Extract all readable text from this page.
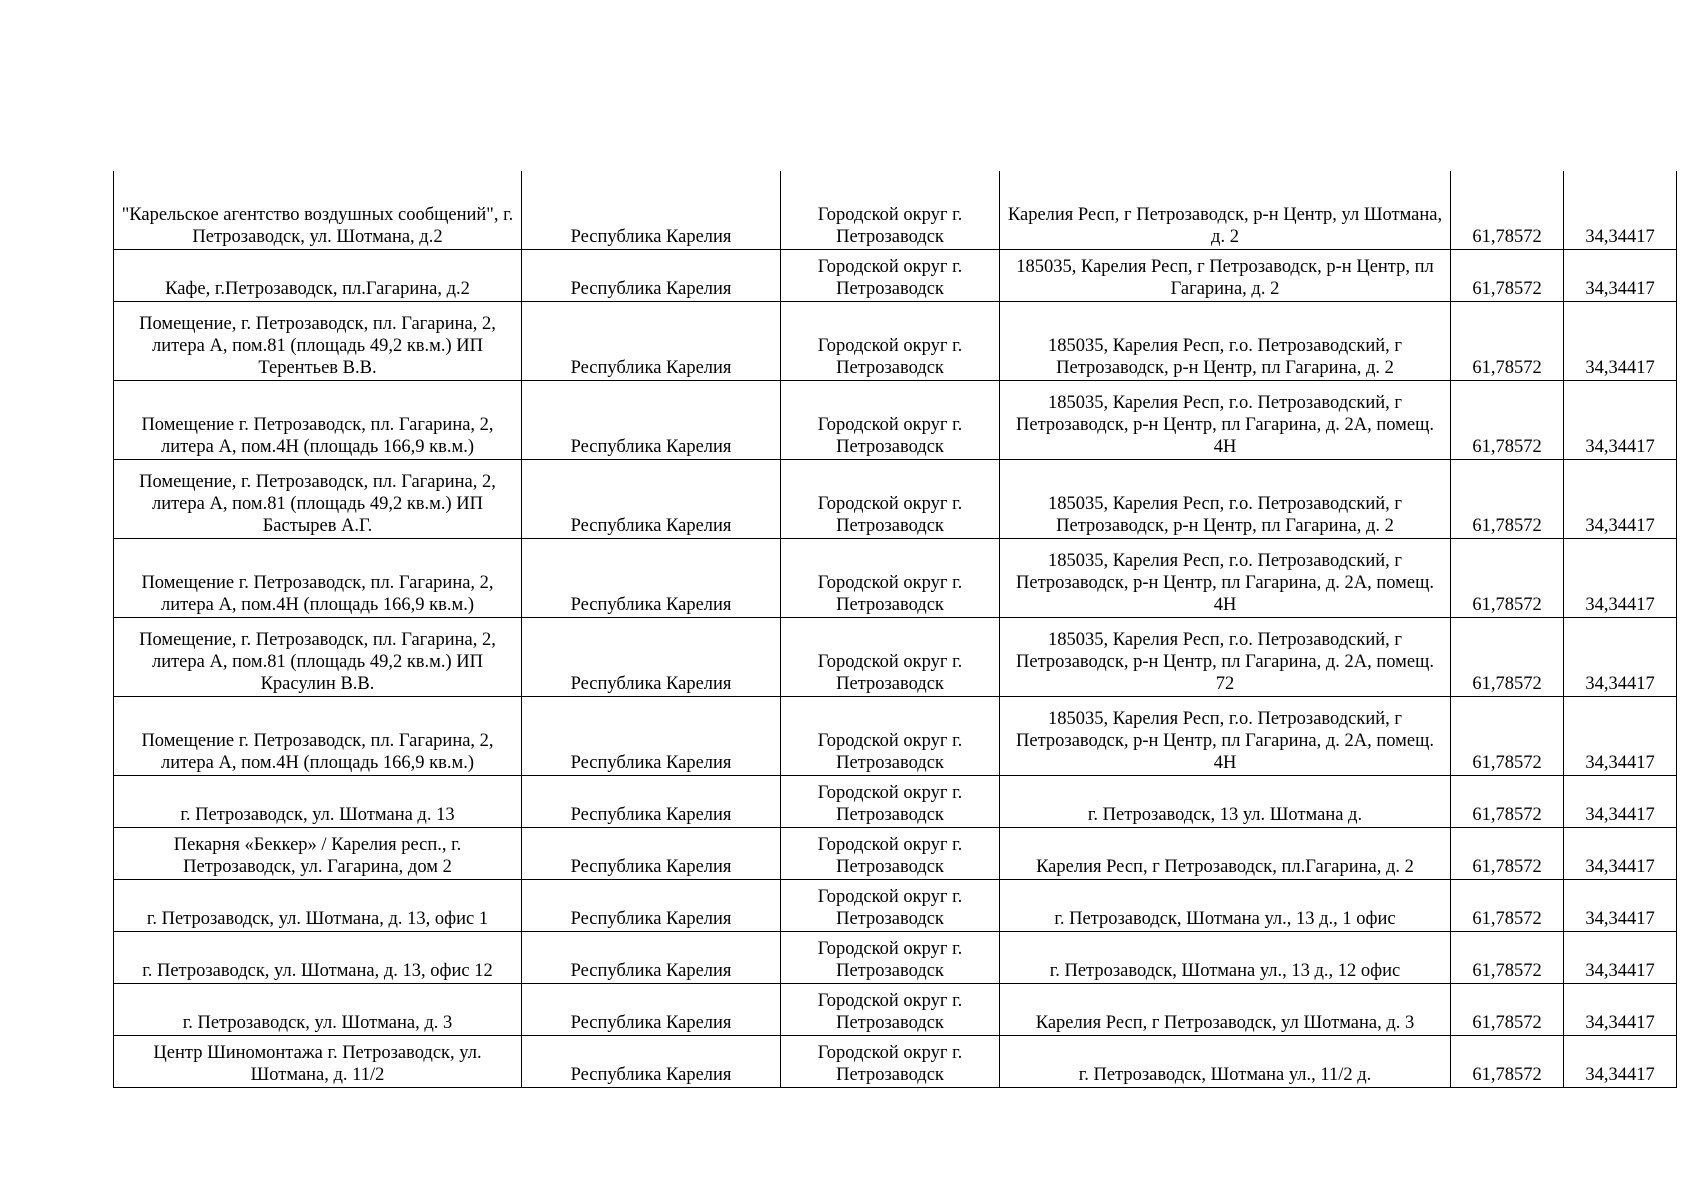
"Карельское агентство воздушных сообщений", г. Петрозаводск, ул. Шотмана, д.2	Республика Карелия	Городской округ г. Петрозаводск	Карелия Респ, г Петрозаводск, р-н Центр, ул Шотмана, д. 2	61,78572	34,34417
Кафе, г.Петрозаводск, пл.Гагарина, д.2	Республика Карелия	Городской округ г. Петрозаводск	185035, Карелия Респ, г Петрозаводск, р-н Центр, пл Гагарина, д. 2	61,78572	34,34417
Помещение, г. Петрозаводск, пл. Гагарина, 2, литера А, пом.81 (площадь 49,2 кв.м.) ИП Терентьев В.В.	Республика Карелия	Городской округ г. Петрозаводск	185035, Карелия Респ, г.о. Петрозаводский, г Петрозаводск, р-н Центр, пл Гагарина, д. 2	61,78572	34,34417
Помещение г. Петрозаводск, пл. Гагарина, 2, литера А, пом.4Н (площадь 166,9 кв.м.)	Республика Карелия	Городской округ г. Петрозаводск	185035, Карелия Респ, г.о. Петрозаводский, г Петрозаводск, р-н Центр, пл Гагарина, д. 2А, помещ. 4Н	61,78572	34,34417
Помещение, г. Петрозаводск, пл. Гагарина, 2, литера А, пом.81 (площадь 49,2 кв.м.) ИП Бастырев А.Г.	Республика Карелия	Городской округ г. Петрозаводск	185035, Карелия Респ, г.о. Петрозаводский, г Петрозаводск, р-н Центр, пл Гагарина, д. 2	61,78572	34,34417
Помещение г. Петрозаводск, пл. Гагарина, 2, литера А, пом.4Н (площадь 166,9 кв.м.)	Республика Карелия	Городской округ г. Петрозаводск	185035, Карелия Респ, г.о. Петрозаводский, г Петрозаводск, р-н Центр, пл Гагарина, д. 2А, помещ. 4Н	61,78572	34,34417
Помещение, г. Петрозаводск, пл. Гагарина, 2, литера А, пом.81 (площадь 49,2 кв.м.) ИП Красулин В.В.	Республика Карелия	Городской округ г. Петрозаводск	185035, Карелия Респ, г.о. Петрозаводский, г Петрозаводск, р-н Центр, пл Гагарина, д. 2А, помещ. 72	61,78572	34,34417
Помещение г. Петрозаводск, пл. Гагарина, 2, литера А, пом.4Н (площадь 166,9 кв.м.)	Республика Карелия	Городской округ г. Петрозаводск	185035, Карелия Респ, г.о. Петрозаводский, г Петрозаводск, р-н Центр, пл Гагарина, д. 2А, помещ. 4Н	61,78572	34,34417
г. Петрозаводск, ул. Шотмана д. 13	Республика Карелия	Городской округ г. Петрозаводск	г. Петрозаводск, 13 ул. Шотмана д.	61,78572	34,34417
Пекарня «Беккер» / Карелия респ., г. Петрозаводск, ул. Гагарина, дом 2	Республика Карелия	Городской округ г. Петрозаводск	Карелия Респ, г Петрозаводск, пл.Гагарина, д. 2	61,78572	34,34417
г. Петрозаводск, ул. Шотмана, д. 13, офис 1	Республика Карелия	Городской округ г. Петрозаводск	г. Петрозаводск, Шотмана ул., 13 д., 1 офис	61,78572	34,34417
г. Петрозаводск, ул. Шотмана, д. 13, офис 12	Республика Карелия	Городской округ г. Петрозаводск	г. Петрозаводск, Шотмана ул., 13 д., 12 офис	61,78572	34,34417
г. Петрозаводск, ул. Шотмана, д. 3	Республика Карелия	Городской округ г. Петрозаводск	Карелия Респ, г Петрозаводск, ул Шотмана, д. 3	61,78572	34,34417
Центр Шиномонтажа г. Петрозаводск, ул. Шотмана, д. 11/2	Республика Карелия	Городской округ г. Петрозаводск	г. Петрозаводск, Шотмана ул., 11/2 д.	61,78572	34,34417
